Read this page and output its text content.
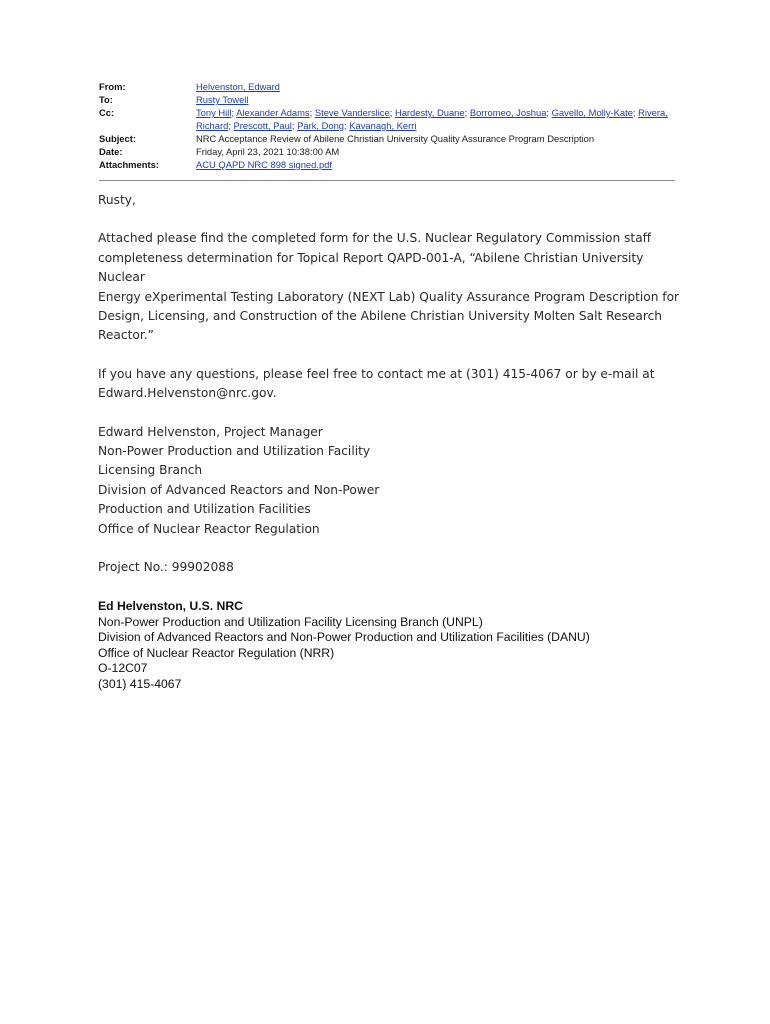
From:	Helvenston, Edward
To:	Rusty Towell
Cc:	Tony Hill; Alexander Adams; Steve Vanderslice; Hardesty, Duane; Borromeo, Joshua; Gavello, Molly-Kate; Rivera, Richard; Prescott, Paul; Park, Dong; Kavanagh, Kerri
Subject:	NRC Acceptance Review of Abilene Christian University Quality Assurance Program Description
Date:	Friday, April 23, 2021 10:38:00 AM
Attachments:	ACU QAPD NRC 898 signed.pdf

Rusty,

Attached please find the completed form for the U.S. Nuclear Regulatory Commission staff

completeness determination for Topical Report QAPD-001-A, “Abilene Christian University Nuclear

Energy eXperimental Testing Laboratory (NEXT Lab) Quality Assurance Program Description for

Design, Licensing, and Construction of the Abilene Christian University Molten Salt Research

Reactor.”

If you have any questions, please feel free to contact me at (301) 415-4067 or by e-mail at

Edward.Helvenston@nrc.gov.

Edward Helvenston, Project Manager

Non-Power Production and Utilization Facility

Licensing Branch

Division of Advanced Reactors and Non-Power

Production and Utilization Facilities

Office of Nuclear Reactor Regulation

Project No.: 99902088

Ed Helvenston, U.S. NRC
Non-Power Production and Utilization Facility Licensing Branch (UNPL)
Division of Advanced Reactors and Non-Power Production and Utilization Facilities (DANU)
Office of Nuclear Reactor Regulation (NRR)
O-12C07
(301) 415-4067
